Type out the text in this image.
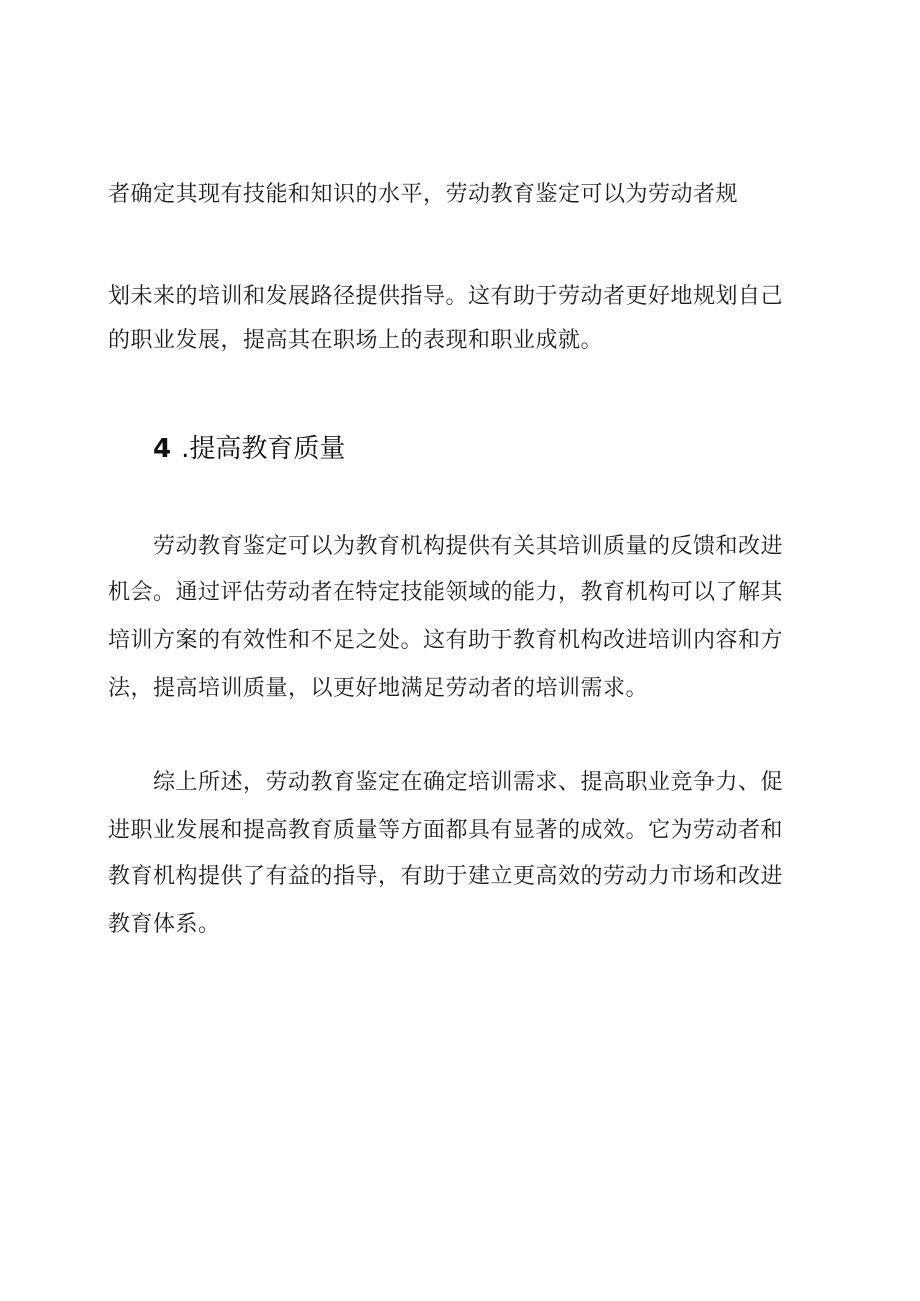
者确定其现有技能和知识的水平，劳动教育鉴定可以为劳动者规
划未来的培训和发展路径提供指导。这有助于劳动者更好地规划自己
的职业发展，提高其在职场上的表现和职业成就。
4 .提高教育质量
劳动教育鉴定可以为教育机构提供有关其培训质量的反馈和改进
机会。通过评估劳动者在特定技能领域的能力，教育机构可以了解其
培训方案的有效性和不足之处。这有助于教育机构改进培训内容和方
法，提高培训质量，以更好地满足劳动者的培训需求。
综上所述，劳动教育鉴定在确定培训需求、提高职业竞争力、促
进职业发展和提高教育质量等方面都具有显著的成效。它为劳动者和
教育机构提供了有益的指导，有助于建立更高效的劳动力市场和改进
教育体系。
